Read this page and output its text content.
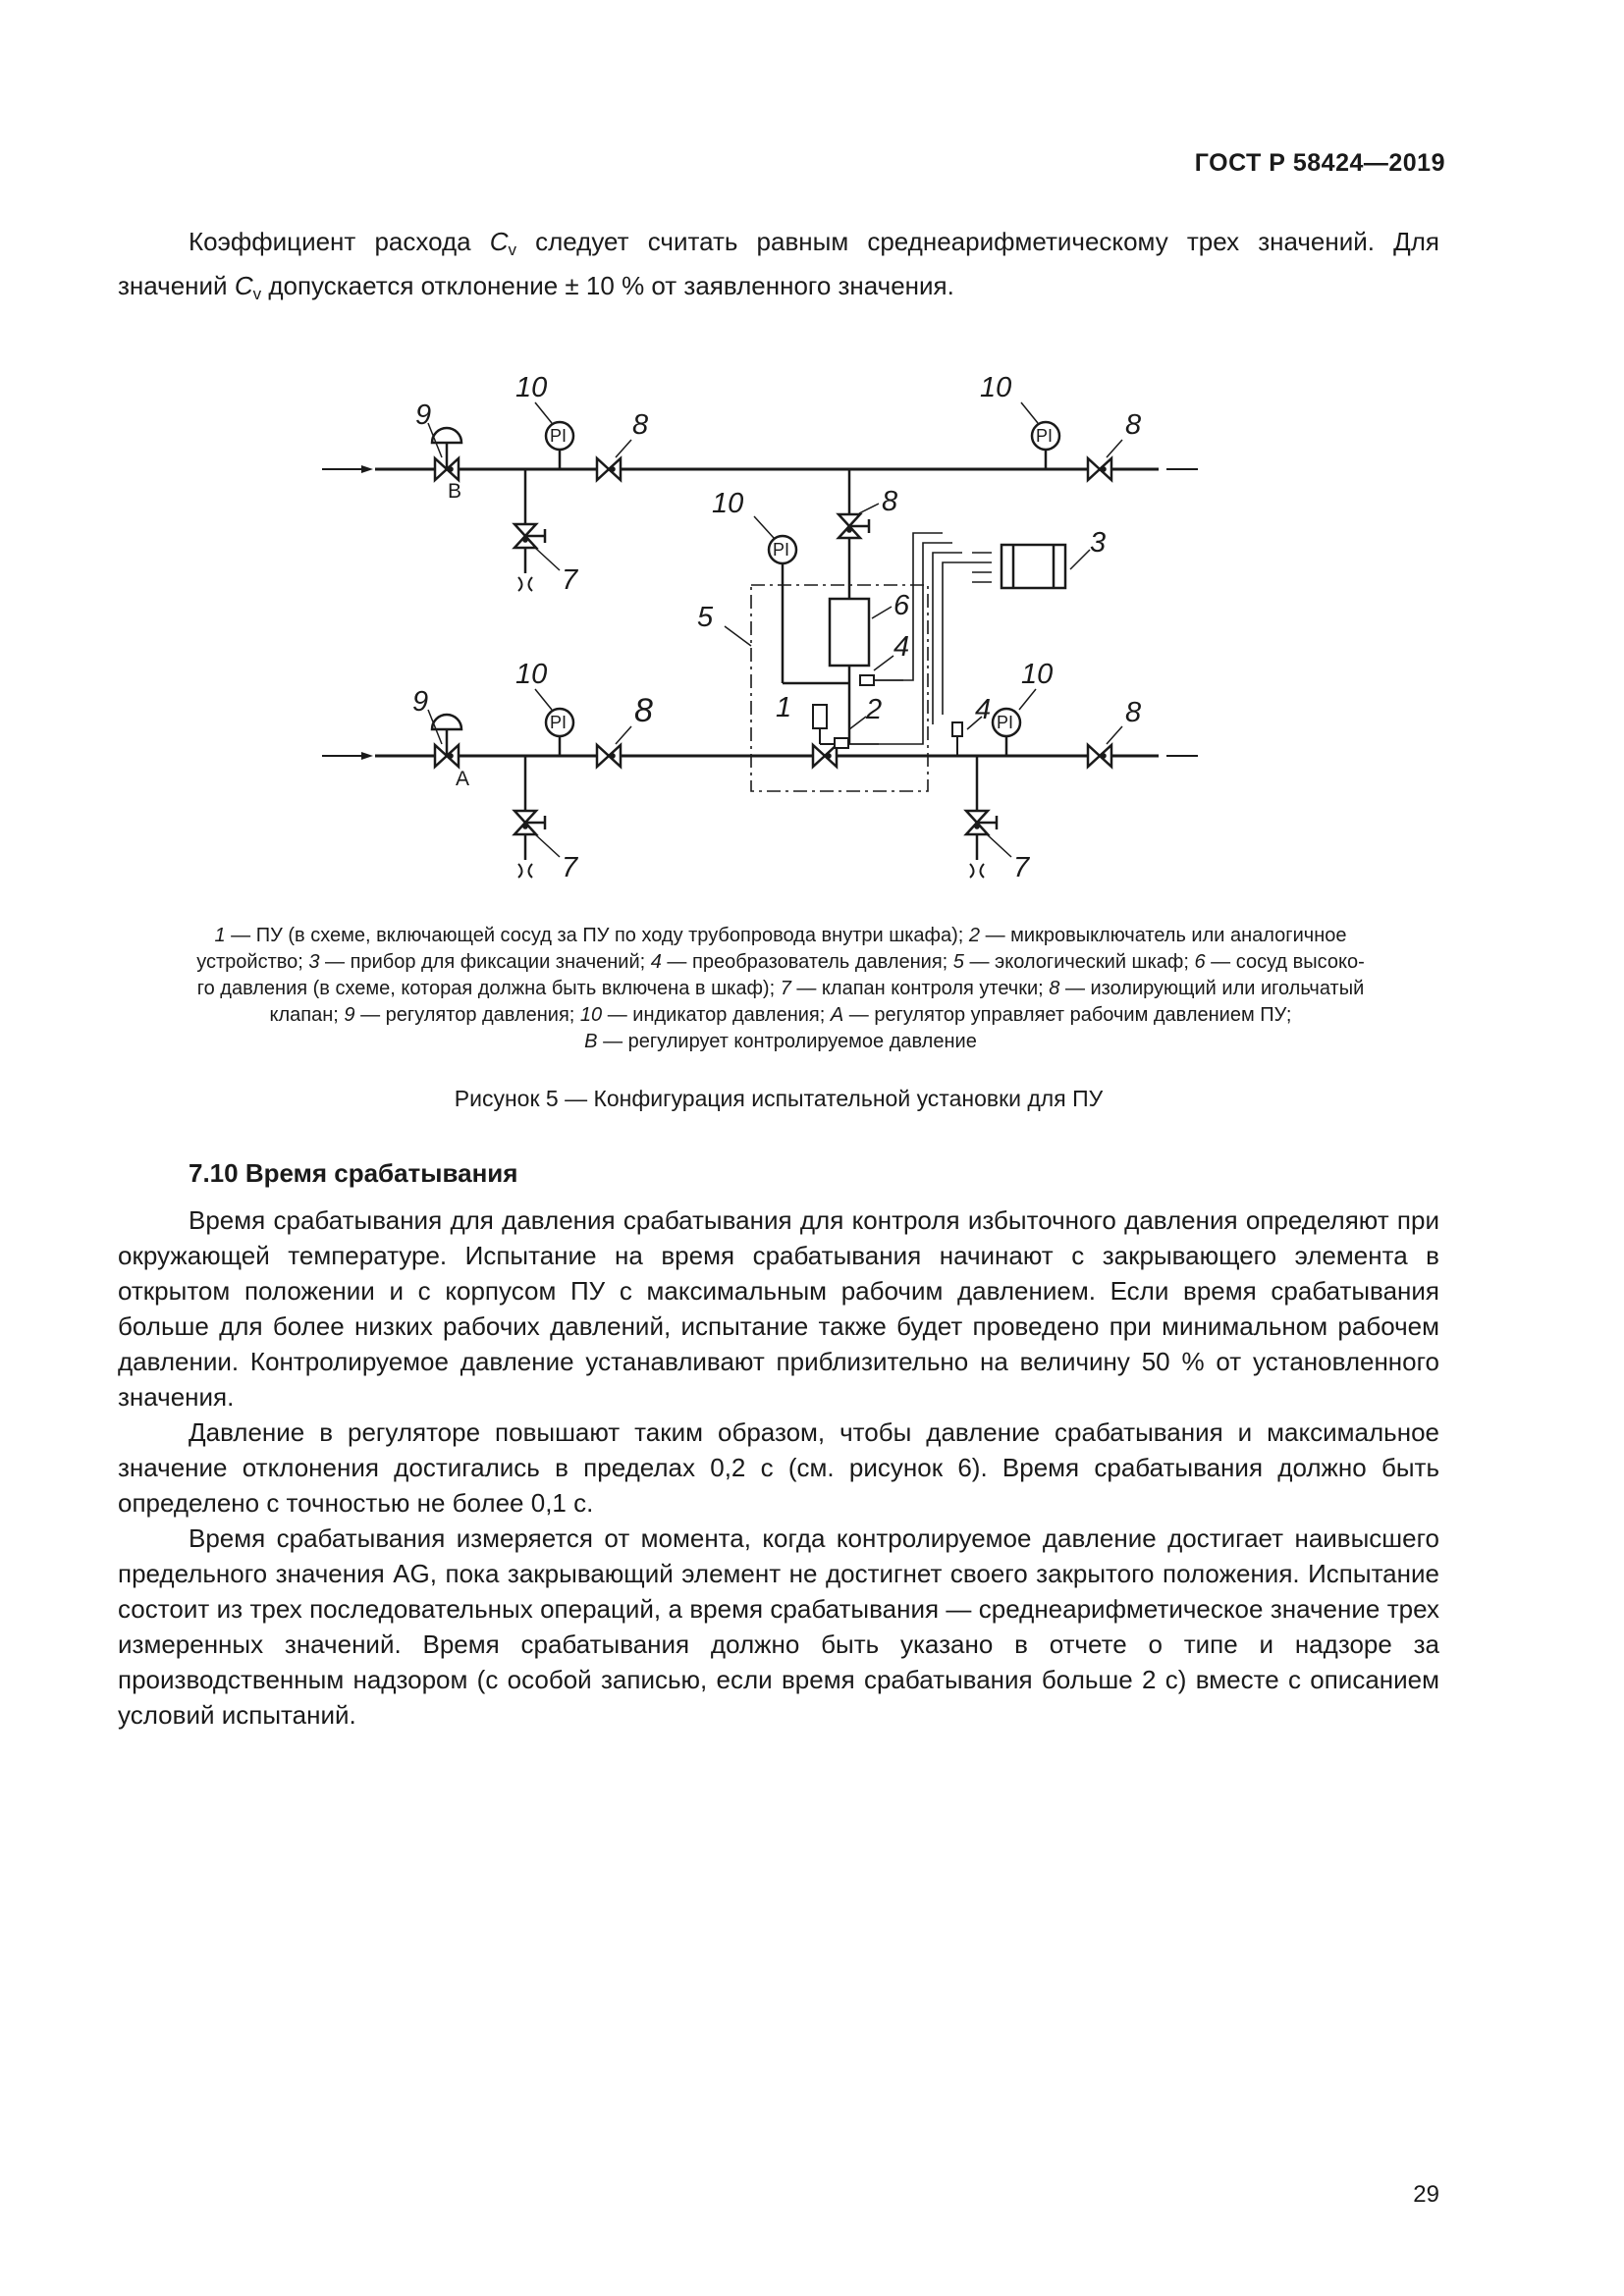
ГОСТ Р 58424—2019

Коэффициент расхода $C_v$ следует считать равным среднеарифметическому трех значений. Для значений $C_v$ допускается отклонение ± 10 % от заявленного значения.

9
В
7
PI
10
8
8
PI
10
8
5
PI
10
6
1
4
2
3
9
А
7
PI
10
8	4
7
PI
10
8
1 — ПУ (в схеме, включающей сосуд за ПУ по ходу трубопровода внутри шкафа); 2 — микровыключатель или аналогичное
устройство; 3 — прибор для фиксации значений; 4 — преобразователь давления; 5 — экологический шкаф; 6 — сосуд высоко-
го давления (в схеме, которая должна быть включена в шкаф); 7 — клапан контроля утечки; 8 — изолирующий или игольчатый
клапан; 9 — регулятор давления; 10 — индикатор давления; А — регулятор управляет рабочим давлением ПУ;
В — регулирует контролируемое давление
Рисунок 5 — Конфигурация испытательной установки для ПУ
7.10 Время срабатывания

Время срабатывания для давления срабатывания для контроля избыточного давления определяют при окружающей температуре. Испытание на время срабатывания начинают с закрывающего элемента в открытом положении и с корпусом ПУ с максимальным рабочим давлением. Если время срабатывания больше для более низких рабочих давлений, испытание также будет проведено при минимальном рабочем давлении. Контролируемое давление устанавливают приблизительно на величину 50 % от установленного значения.

Давление в регуляторе повышают таким образом, чтобы давление срабатывания и максимальное значение отклонения достигались в пределах 0,2 с (см. рисунок 6). Время срабатывания должно быть определено с точностью не более 0,1 с.

Время срабатывания измеряется от момента, когда контролируемое давление достигает наивысшего предельного значения AG, пока закрывающий элемент не достигнет своего закрытого положения. Испытание состоит из трех последовательных операций, а время срабатывания — среднеарифметическое значение трех измеренных значений. Время срабатывания должно быть указано в отчете о типе и надзоре за производственным надзором (с особой записью, если время срабатывания больше 2 с) вместе с описанием условий испытаний.

29
